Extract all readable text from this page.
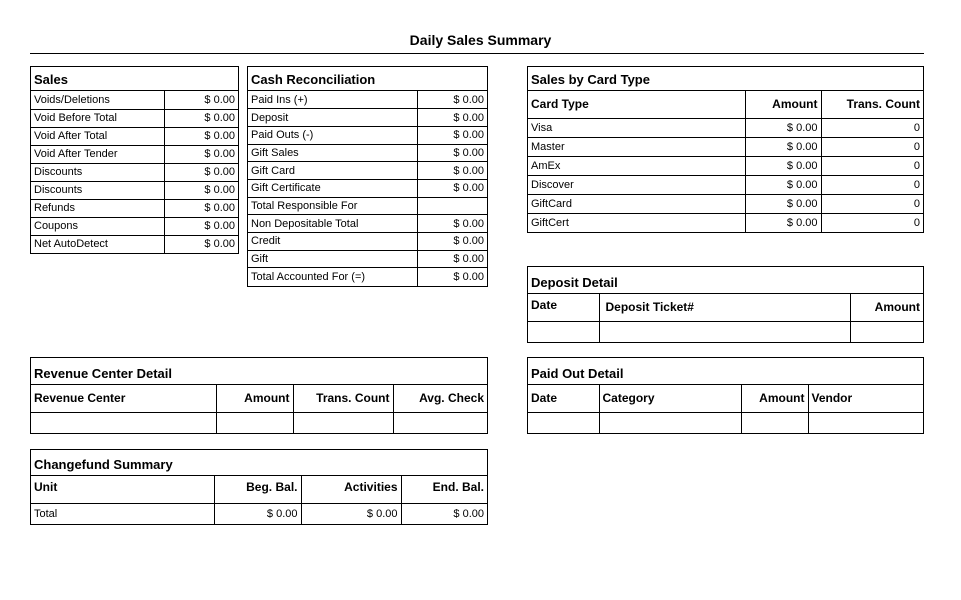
Daily Sales Summary
Sales
Voids/Deletions	$ 0.00
Void Before Total	$ 0.00
Void After Total	$ 0.00
Void After Tender	$ 0.00
Discounts	$ 0.00
Discounts	$ 0.00
Refunds	$ 0.00
Coupons	$ 0.00
Net AutoDetect	$ 0.00
Cash Reconciliation
Paid Ins (+)	$ 0.00
Deposit	$ 0.00
Paid Outs (-)	$ 0.00
Gift Sales	$ 0.00
Gift Card	$ 0.00
Gift Certificate	$ 0.00
Total Responsible For	
Non Depositable Total	$ 0.00
Credit	$ 0.00
Gift	$ 0.00
Total Accounted For (=)	$ 0.00
Sales by Card Type
Card Type	Amount	Trans. Count
Visa	$ 0.00	0
Master	$ 0.00	0
AmEx	$ 0.00	0
Discover	$ 0.00	0
GiftCard	$ 0.00	0
GiftCert	$ 0.00	0
Deposit Detail
Date	Deposit Ticket#	Amount

Revenue Center Detail
Revenue Center	Amount	Trans. Count	Avg. Check

Paid Out Detail
Date	Category	Amount	Vendor

Changefund Summary
Unit	Beg. Bal.	Activities	End. Bal.
Total	$ 0.00	$ 0.00	$ 0.00
